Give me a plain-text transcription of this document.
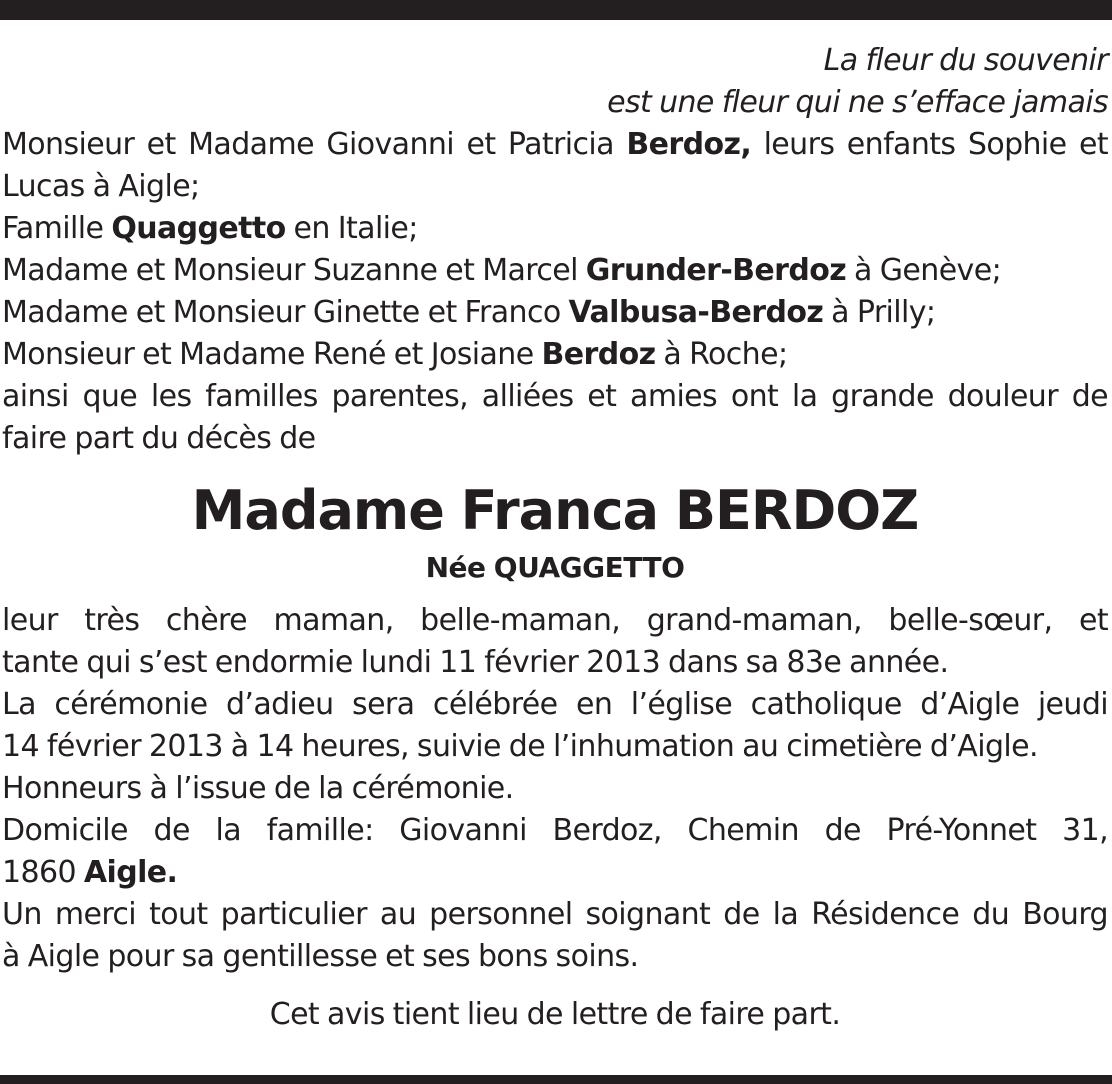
La fleur du souvenir
est une fleur qui ne s’efface jamais
Monsieur et Madame Giovanni et Patricia Berdoz, leurs enfants Sophie et
Lucas à Aigle;
Famille Quaggetto en Italie;
Madame et Monsieur Suzanne et Marcel Grunder-Berdoz à Genève;
Madame et Monsieur Ginette et Franco Valbusa-Berdoz à Prilly;
Monsieur et Madame René et Josiane Berdoz à Roche;
ainsi que les familles parentes, alliées et amies ont la grande douleur de
faire part du décès de
Madame Franca BERDOZ
Née QUAGGETTO
leur très chère maman, belle-maman, grand-maman, belle-sœur, et
tante qui s’est endormie lundi 11 février 2013 dans sa 83e année.
La cérémonie d’adieu sera célébrée en l’église catholique d’Aigle jeudi
14 février 2013 à 14 heures, suivie de l’inhumation au cimetière d’Aigle.
Honneurs à l’issue de la cérémonie.
Domicile de la famille: Giovanni Berdoz, Chemin de Pré-Yonnet 31,
1860 Aigle.
Un merci tout particulier au personnel soignant de la Résidence du Bourg
à Aigle pour sa gentillesse et ses bons soins.
Cet avis tient lieu de lettre de faire part.
